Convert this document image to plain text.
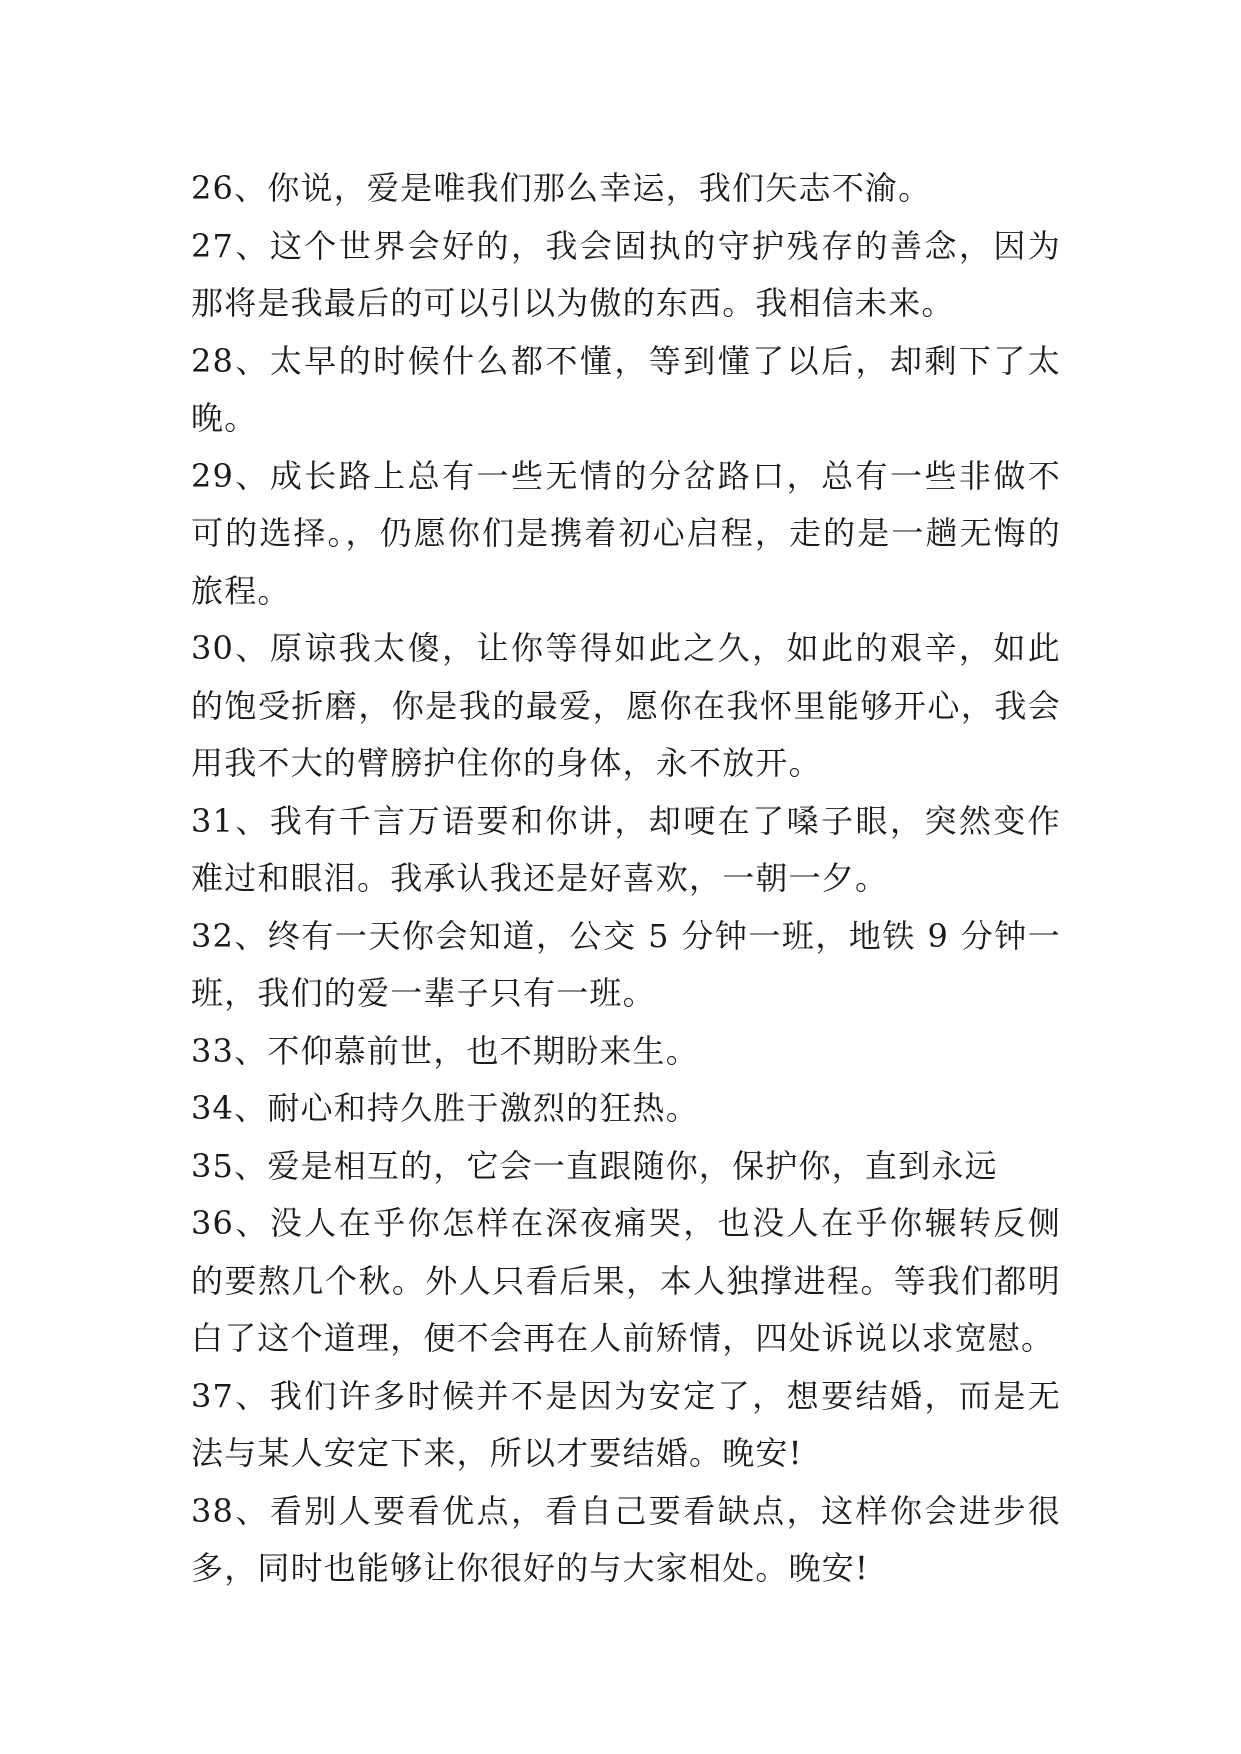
26、你说，爱是唯我们那么幸运，我们矢志不渝。

27、这个世界会好的，我会固执的守护残存的善念，因为那将是我最后的可以引以为傲的东西。我相信未来。

28、太早的时候什么都不懂，等到懂了以后，却剩下了太晚。

29、成长路上总有一些无情的分岔路口，总有一些非做不可的选择。，仍愿你们是携着初心启程，走的是一趟无悔的旅程。

30、原谅我太傻，让你等得如此之久，如此的艰辛，如此的饱受折磨，你是我的最爱，愿你在我怀里能够开心，我会用我不大的臂膀护住你的身体，永不放开。

31、我有千言万语要和你讲，却哽在了嗓子眼，突然变作难过和眼泪。我承认我还是好喜欢，一朝一夕。

32、终有一天你会知道，公交 5 分钟一班，地铁 9 分钟一班，我们的爱一辈子只有一班。

33、不仰慕前世，也不期盼来生。

34、耐心和持久胜于激烈的狂热。

35、爱是相互的，它会一直跟随你，保护你，直到永远

36、没人在乎你怎样在深夜痛哭，也没人在乎你辗转反侧的要熬几个秋。外人只看后果，本人独撑进程。等我们都明白了这个道理，便不会再在人前矫情，四处诉说以求宽慰。

37、我们许多时候并不是因为安定了，想要结婚，而是无法与某人安定下来，所以才要结婚。晚安!

38、看别人要看优点，看自己要看缺点，这样你会进步很多，同时也能够让你很好的与大家相处。晚安!
